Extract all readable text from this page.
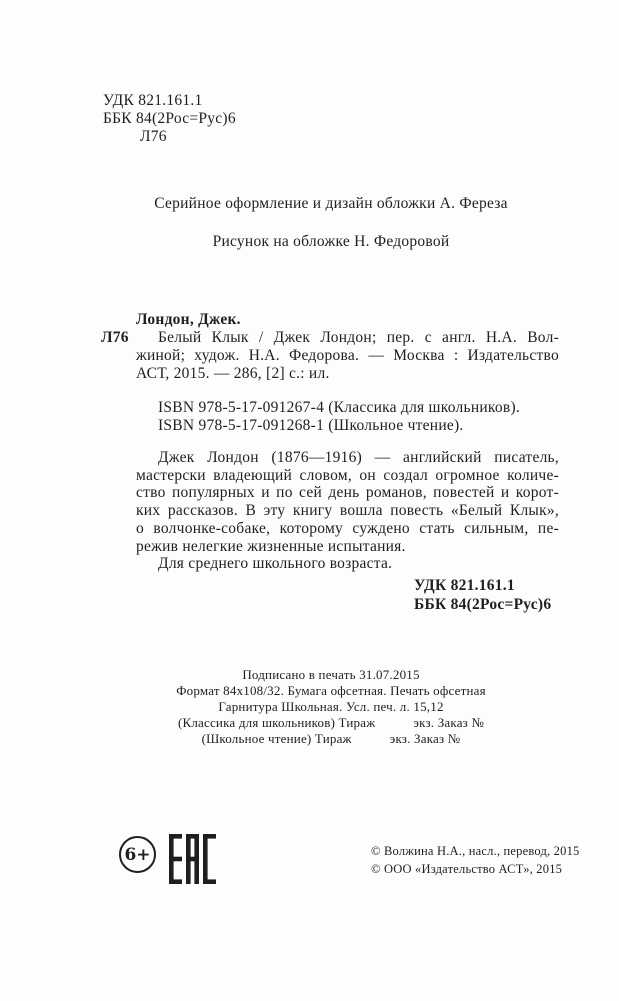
УДК 821.161.1
ББК 84(2Рос=Рус)6
Л76
Серийное оформление и дизайн обложки А. Фереза
Рисунок на обложке Н. Федоровой
Лондон, Джек.
Л76	Белый Клык / Джек Лондон; пер. с англ. Н.А. Вол-
жиной; худож. Н.А. Федорова. — Москва : Издательство
АСТ, 2015. — 286, [2] с.: ил.
ISBN 978-5-17-091267-4 (Классика для школьников).
ISBN 978-5-17-091268-1 (Школьное чтение).
Джек Лондон (1876—1916) — английский писатель,
мастерски владеющий словом, он создал огромное количе-
ство популярных и по сей день романов, повестей и корот-
ких рассказов. В эту книгу вошла повесть «Белый Клык»,
о волчонке-собаке, которому суждено стать сильным, пе-
режив нелегкие жизненные испытания.
Для среднего школьного возраста.
УДК 821.161.1
ББК 84(2Рос=Рус)6
Подписано в печать 31.07.2015
Формат 84х108/32. Бумага офсетная. Печать офсетная
Гарнитура Школьная. Усл. печ. л. 15,12
(Классика для школьников) Тираж           экз. Заказ №
(Школьное чтение) Тираж           экз. Заказ №
6+	© Волжина Н.А., насл., перевод, 2015
© ООО «Издательство АСТ», 2015
